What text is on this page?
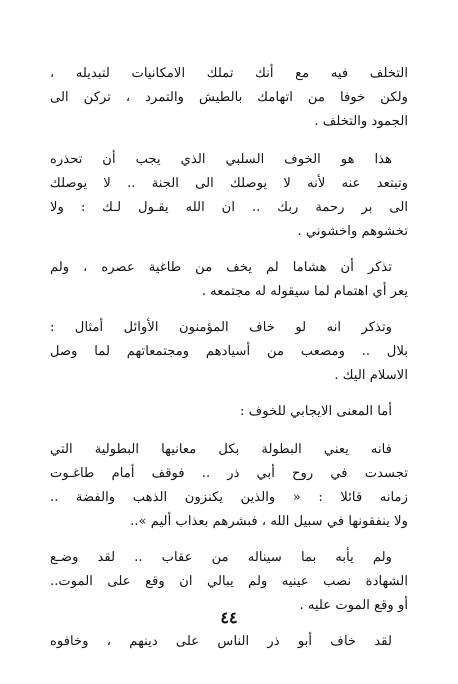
التخلف فيه مع أنك تملك الامكانيات لتبديله ،
ولكن خوفا من اتهامك بالطيش والتمرد ، تركن الى
الجمود والتخلف .

هذا هو الخوف السلبي الذي يجب أن تحذره
وتبتعد عنه لأنه لا يوصلك الى الجنة .. لا يوصلك
الى بر رحمة ربك .. ان الله يقـول لـك : ولا
تخشوهم واخشوني .

تذكر أن هشاما لم يخف من طاغية عصره ، ولم
يعر أي اهتمام لما سيقوله له مجتمعه .

وتذكر انه لو خاف المؤمنون الأوائل أمثال :
بلال .. ومصعب من أسيادهم ومجتمعاتهم لما وصل
الاسلام اليك .

أما المعنى الايجابي للخوف :

فانه يعني البطولة بكل معانيها البطولية التي
تجسدت في روح أبي ذر .. فوقف أمام طاغـوت
زمانه قائلا : « والذين يكنزون الذهب والفضة ..
ولا ينفقونها في سبيل الله ، فبشرهم بعذاب أليم »..

ولم يأبه بما سيناله من عقاب .. لقد وضـع
الشهادة نصب عينيه ولم يبالي ان وقع على الموت..
أو وقع الموت عليه .

لقد خاف أبو ذر الناس على دينهم ، وخافوه

٤٤
